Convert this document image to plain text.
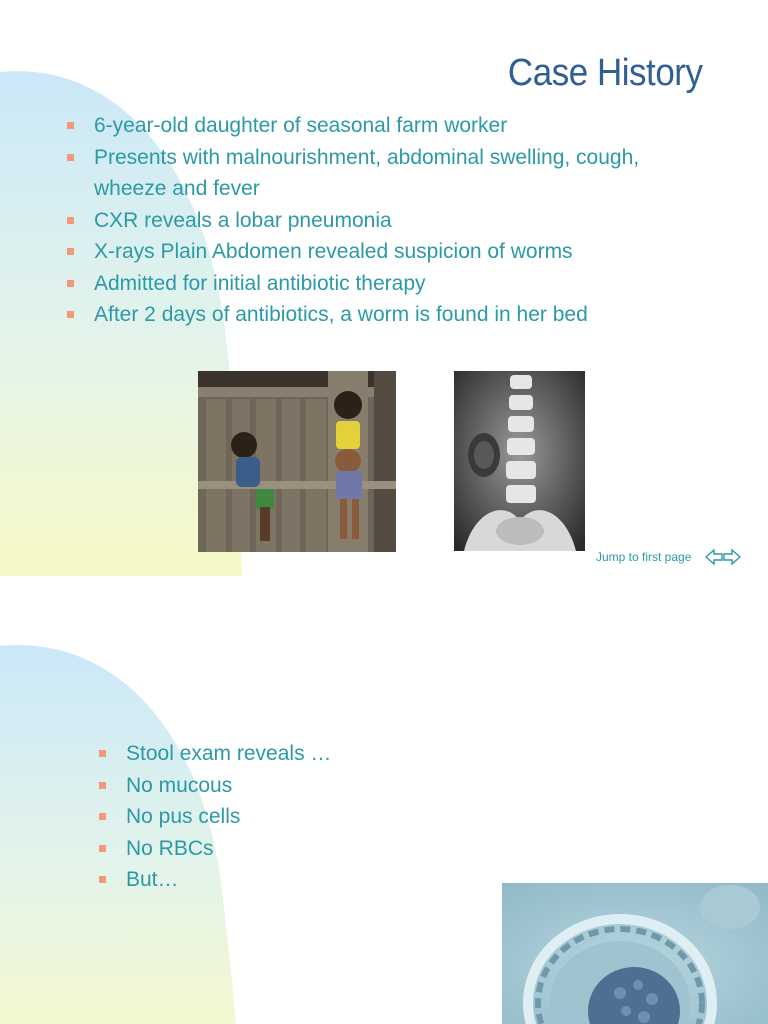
Case History
6-year-old daughter of seasonal farm worker
Presents with malnourishment, abdominal swelling, cough, wheeze and fever
CXR reveals a lobar pneumonia
X-rays Plain Abdomen revealed suspicion of worms
Admitted for initial antibiotic therapy
After 2 days of antibiotics, a worm is found in her bed
Jump to first page
Stool exam reveals …
No mucous
No pus cells
No RBCs
But…
